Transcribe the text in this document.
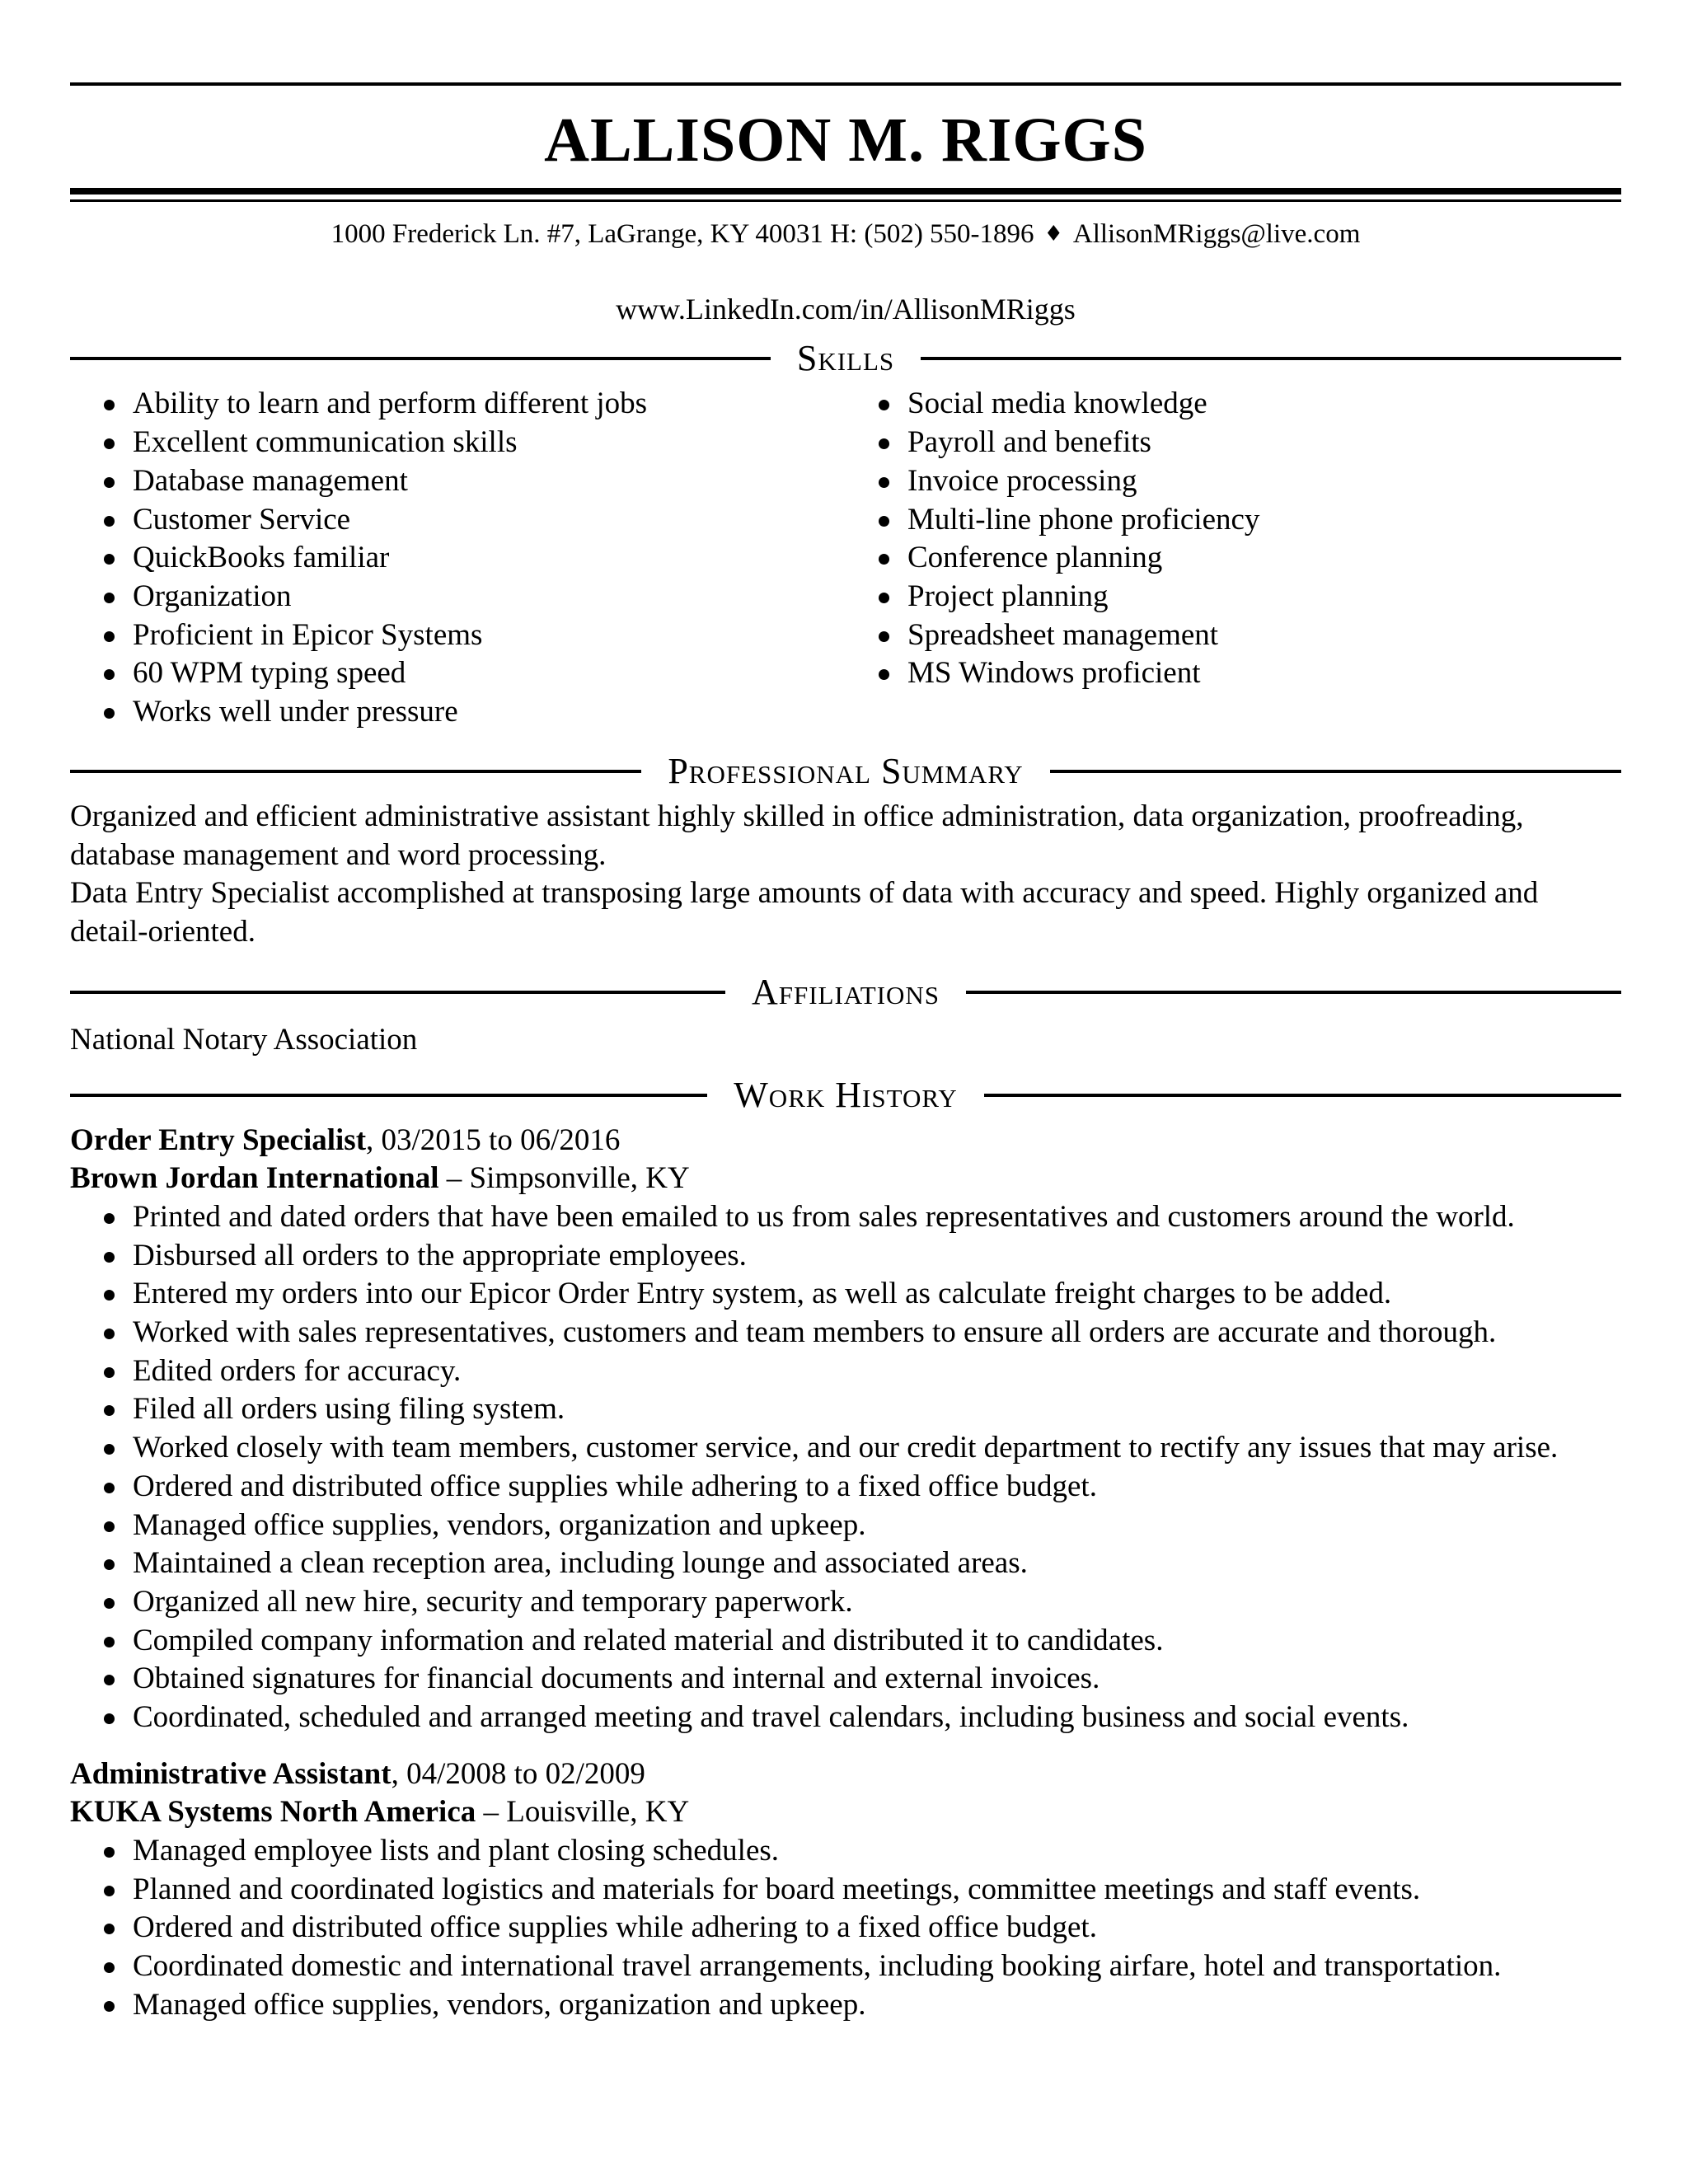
ALLISON M. RIGGS
1000 Frederick Ln. #7, LaGrange, KY 40031 H: (502) 550-1896 ♦ AllisonMRiggs@live.com
www.LinkedIn.com/in/AllisonMRiggs
Skills
Ability to learn and perform different jobs
Excellent communication skills
Database management
Customer Service
QuickBooks familiar
Organization
Proficient in Epicor Systems
60 WPM typing speed
Works well under pressure
Social media knowledge
Payroll and benefits
Invoice processing
Multi-line phone proficiency
Conference planning
Project planning
Spreadsheet management
MS Windows proficient
Professional Summary

Organized and efficient administrative assistant highly skilled in office administration, data organization, proofreading, database management and word processing.

Data Entry Specialist accomplished at transposing large amounts of data with accuracy and speed. Highly organized and detail-oriented.

Affiliations
National Notary Association
Work History
Order Entry Specialist, 03/2015 to 06/2016
Brown Jordan International – Simpsonville, KY
Printed and dated orders that have been emailed to us from sales representatives and customers around the world.
Disbursed all orders to the appropriate employees.
Entered my orders into our Epicor Order Entry system, as well as calculate freight charges to be added.
Worked with sales representatives, customers and team members to ensure all orders are accurate and thorough.
Edited orders for accuracy.
Filed all orders using filing system.
Worked closely with team members, customer service, and our credit department to rectify any issues that may arise.
Ordered and distributed office supplies while adhering to a fixed office budget.
Managed office supplies, vendors, organization and upkeep.
Maintained a clean reception area, including lounge and associated areas.
Organized all new hire, security and temporary paperwork.
Compiled company information and related material and distributed it to candidates.
Obtained signatures for financial documents and internal and external invoices.
Coordinated, scheduled and arranged meeting and travel calendars, including business and social events.
Administrative Assistant, 04/2008 to 02/2009
KUKA Systems North America – Louisville, KY
Managed employee lists and plant closing schedules.
Planned and coordinated logistics and materials for board meetings, committee meetings and staff events.
Ordered and distributed office supplies while adhering to a fixed office budget.
Coordinated domestic and international travel arrangements, including booking airfare, hotel and transportation.
Managed office supplies, vendors, organization and upkeep.
